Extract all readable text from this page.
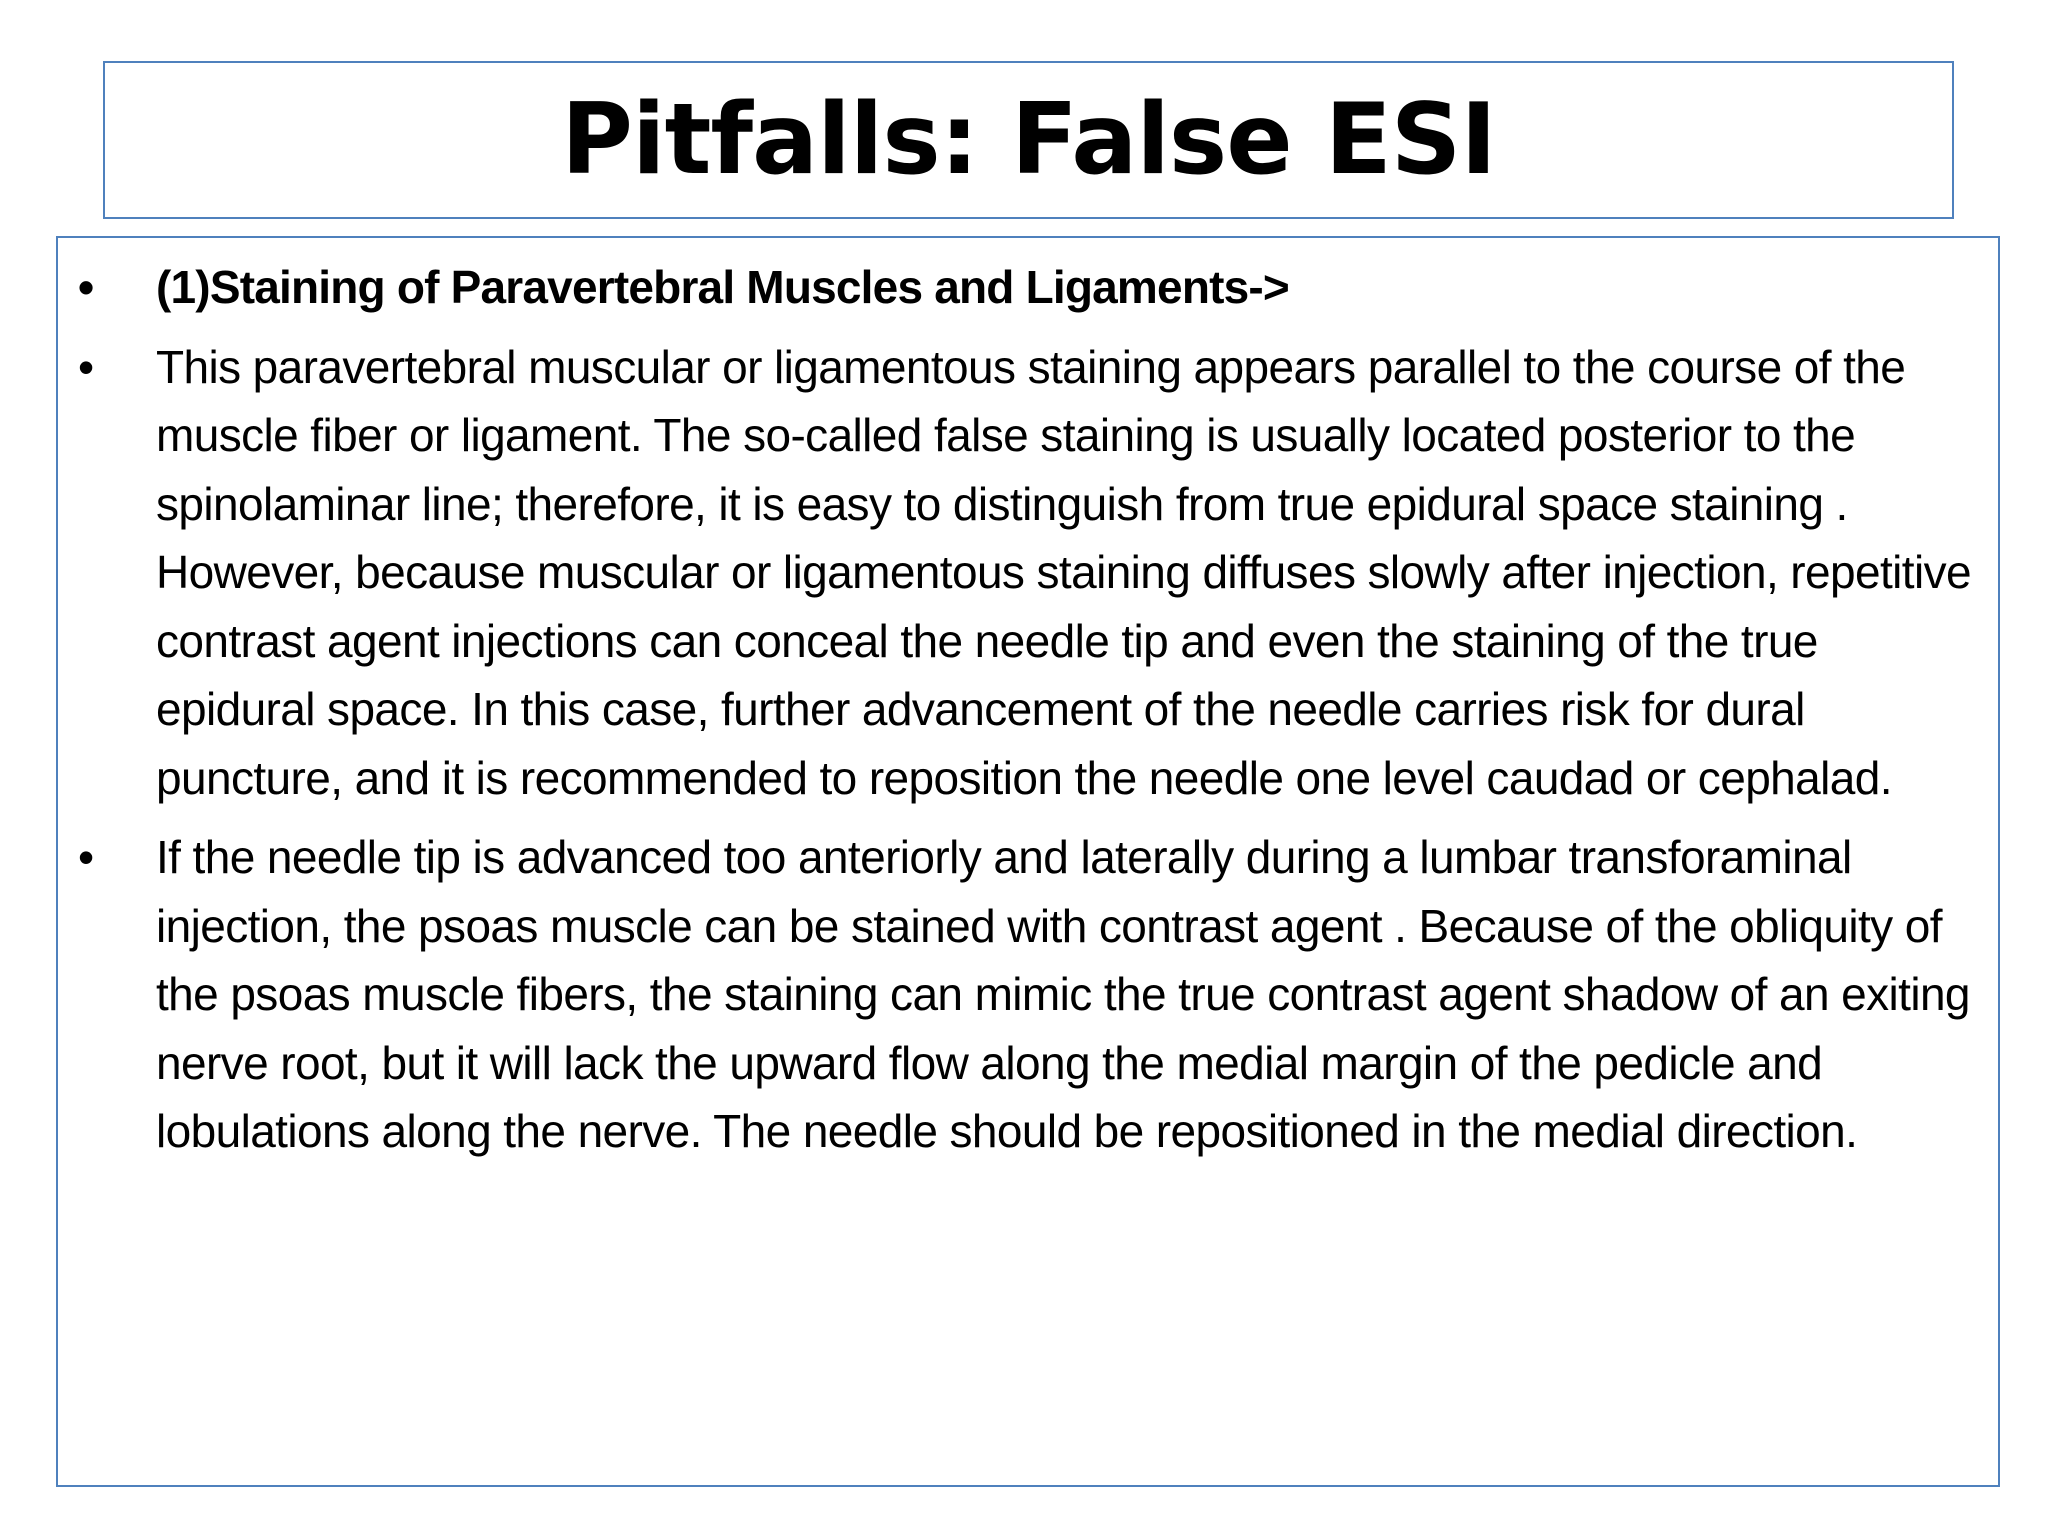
Pitfalls: False ESI
•	(1)Staining of Paravertebral Muscles and Ligaments->
•	This paravertebral muscular or ligamentous staining appears parallel to the course of the muscle fiber or ligament. The so-called false staining is usually located posterior to the spinolaminar line; therefore, it is easy to distinguish from true epidural space staining . However, because muscular or ligamentous staining diffuses slowly after injection, repetitive contrast agent injections can conceal the needle tip and even the staining of the true epidural space. In this case, further advancement of the needle carries risk for dural puncture, and it is recommended to reposition the needle one level caudad or cephalad.
•	If the needle tip is advanced too anteriorly and laterally during a lumbar transforaminal injection, the psoas muscle can be stained with contrast agent . Because of the obliquity of the psoas muscle fibers, the staining can mimic the true contrast agent shadow of an exiting nerve root, but it will lack the upward flow along the medial margin of the pedicle and lobulations along the nerve. The needle should be repositioned in the medial direction.
